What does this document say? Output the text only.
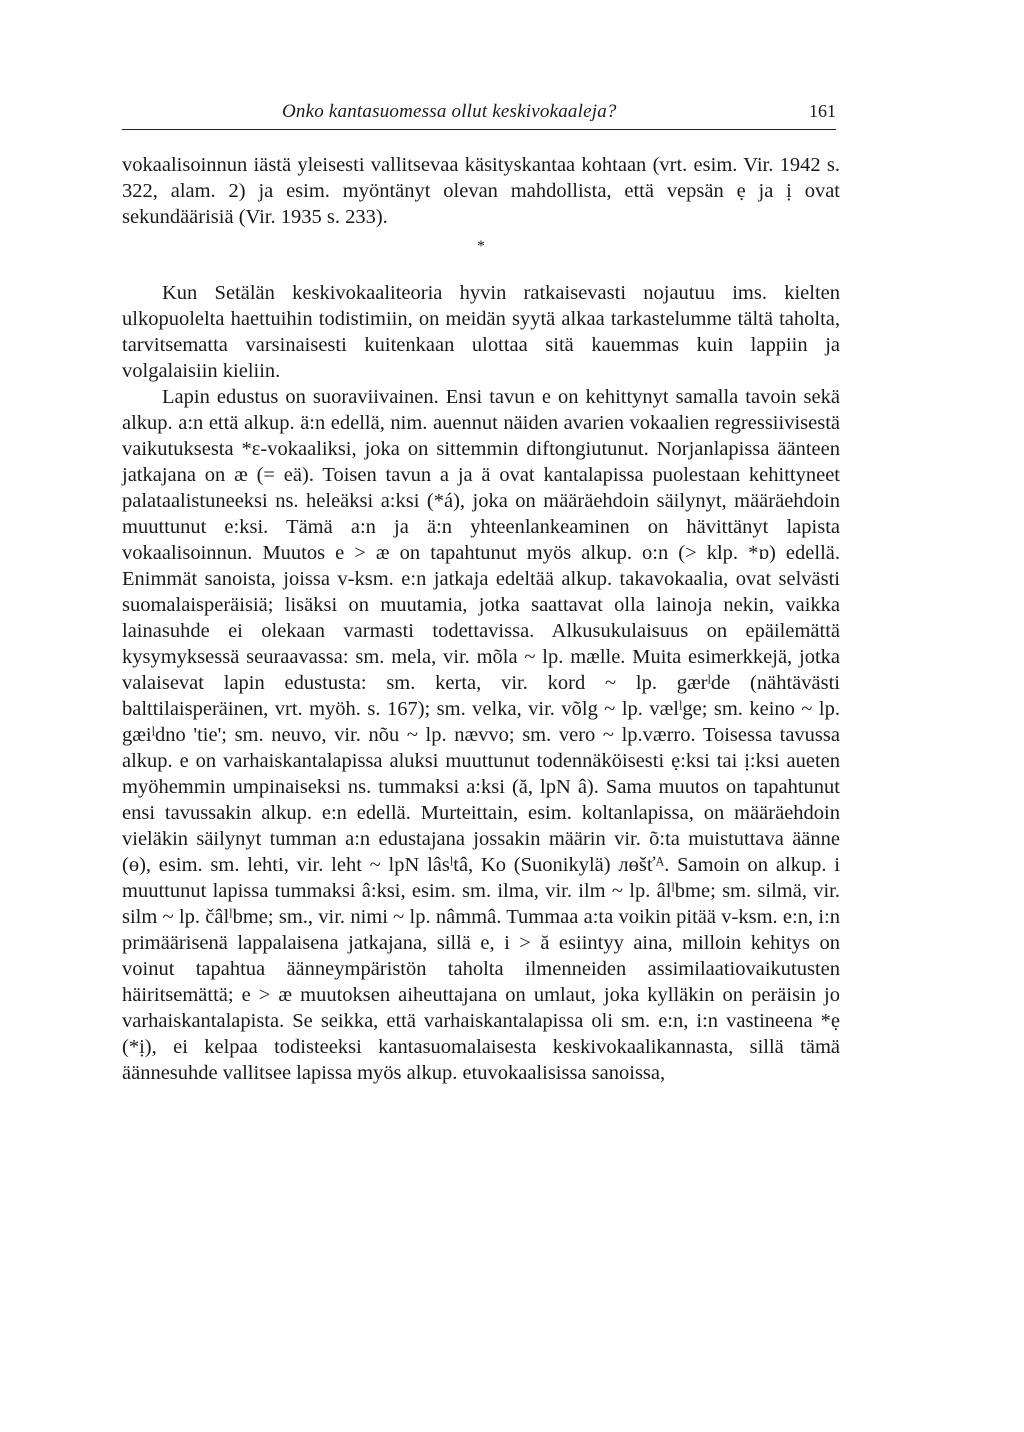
Onko kantasuomessa ollut keskivokaaleja?	161

vokaalisoinnun iästä yleisesti vallitsevaa käsityskantaa kohtaan (vrt. esim. Vir. 1942 s. 322, alam. 2) ja esim. myöntänyt olevan mahdollista, että vepsän ẹ ja ị ovat sekundäärisiä (Vir. 1935 s. 233).

*

Kun Setälän keskivokaaliteoria hyvin ratkaisevasti nojautuu ims. kielten ulkopuolelta haettuihin todistimiin, on meidän syytä alkaa tarkastelumme tältä taholta, tarvitsematta varsinaisesti kuitenkaan ulottaa sitä kauemmas kuin lappiin ja volgalaisiin kieliin.

Lapin edustus on suoraviivainen. Ensi tavun e on kehittynyt samalla tavoin sekä alkup. a:n että alkup. ä:n edellä, nim. auennut näiden avarien vokaalien regressiivisestä vaikutuksesta *ε-vokaaliksi, joka on sittemmin diftongiutunut. Norjanlapissa äänteen jatkajana on æ (= eä). Toisen tavun a ja ä ovat kantalapissa puolestaan kehittyneet palataalistuneeksi ns. heleäksi a:ksi (*á), joka on määräehdoin säilynyt, määräehdoin muuttunut e:ksi. Tämä a:n ja ä:n yhteenlankeaminen on hävittänyt lapista vokaalisoinnun. Muutos e > æ on tapahtunut myös alkup. o:n (> klp. *ɒ) edellä. Enimmät sanoista, joissa v-ksm. e:n jatkaja edeltää alkup. takavokaalia, ovat selvästi suomalaisperäisiä; lisäksi on muutamia, jotka saattavat olla lainoja nekin, vaikka lainasuhde ei olekaan varmasti todettavissa. Alkusukulaisuus on epäilemättä kysymyksessä seuraavassa: sm. mela, vir. mõla ~ lp. mælle. Muita esimerkkejä, jotka valaisevat lapin edustusta: sm. kerta, vir. kord ~ lp. gærˡde (nähtävästi balttilaisperäinen, vrt. myöh. s. 167); sm. velka, vir. võlg ~ lp. vælˡge; sm. keino ~ lp. gæiˡdno 'tie'; sm. neuvo, vir. nõu ~ lp. nævvo; sm. vero ~ lp.værro. Toisessa tavussa alkup. e on varhaiskantalapissa aluksi muuttunut todennäköisesti ẹ:ksi tai ị:ksi aueten myöhemmin umpinaiseksi ns. tummaksi a:ksi (ă, lpN â). Sama muutos on tapahtunut ensi tavussakin alkup. e:n edellä. Murteittain, esim. koltanlapissa, on määräehdoin vieläkin säilynyt tumman a:n edustajana jossakin määrin vir. õ:ta muistuttava äänne (ɵ), esim. sm. lehti, vir. leht ~ lpN lâsˡtâ, Ko (Suonikylä) лɵšťᴬ. Samoin on alkup. i muuttunut lapissa tummaksi â:ksi, esim. sm. ilma, vir. ilm ~ lp. âlˡbme; sm. silmä, vir. silm ~ lp. čâlˡbme; sm., vir. nimi ~ lp. nâmmâ. Tummaa a:ta voikin pitää v-ksm. e:n, i:n primäärisenä lappalaisena jatkajana, sillä e, i > ă esiintyy aina, milloin kehitys on voinut tapahtua äänneympäristön taholta ilmenneiden assimilaatiovaikutusten häiritsemättä; e > æ muutoksen aiheuttajana on umlaut, joka kylläkin on peräisin jo varhaiskantalapista. Se seikka, että varhaiskantalapissa oli sm. e:n, i:n vastineena *ẹ (*ị), ei kelpaa todisteeksi kantasuomalaisesta keskivokaalikannasta, sillä tämä äännesuhde vallitsee lapissa myös alkup. etuvokaalisissa sanoissa,
